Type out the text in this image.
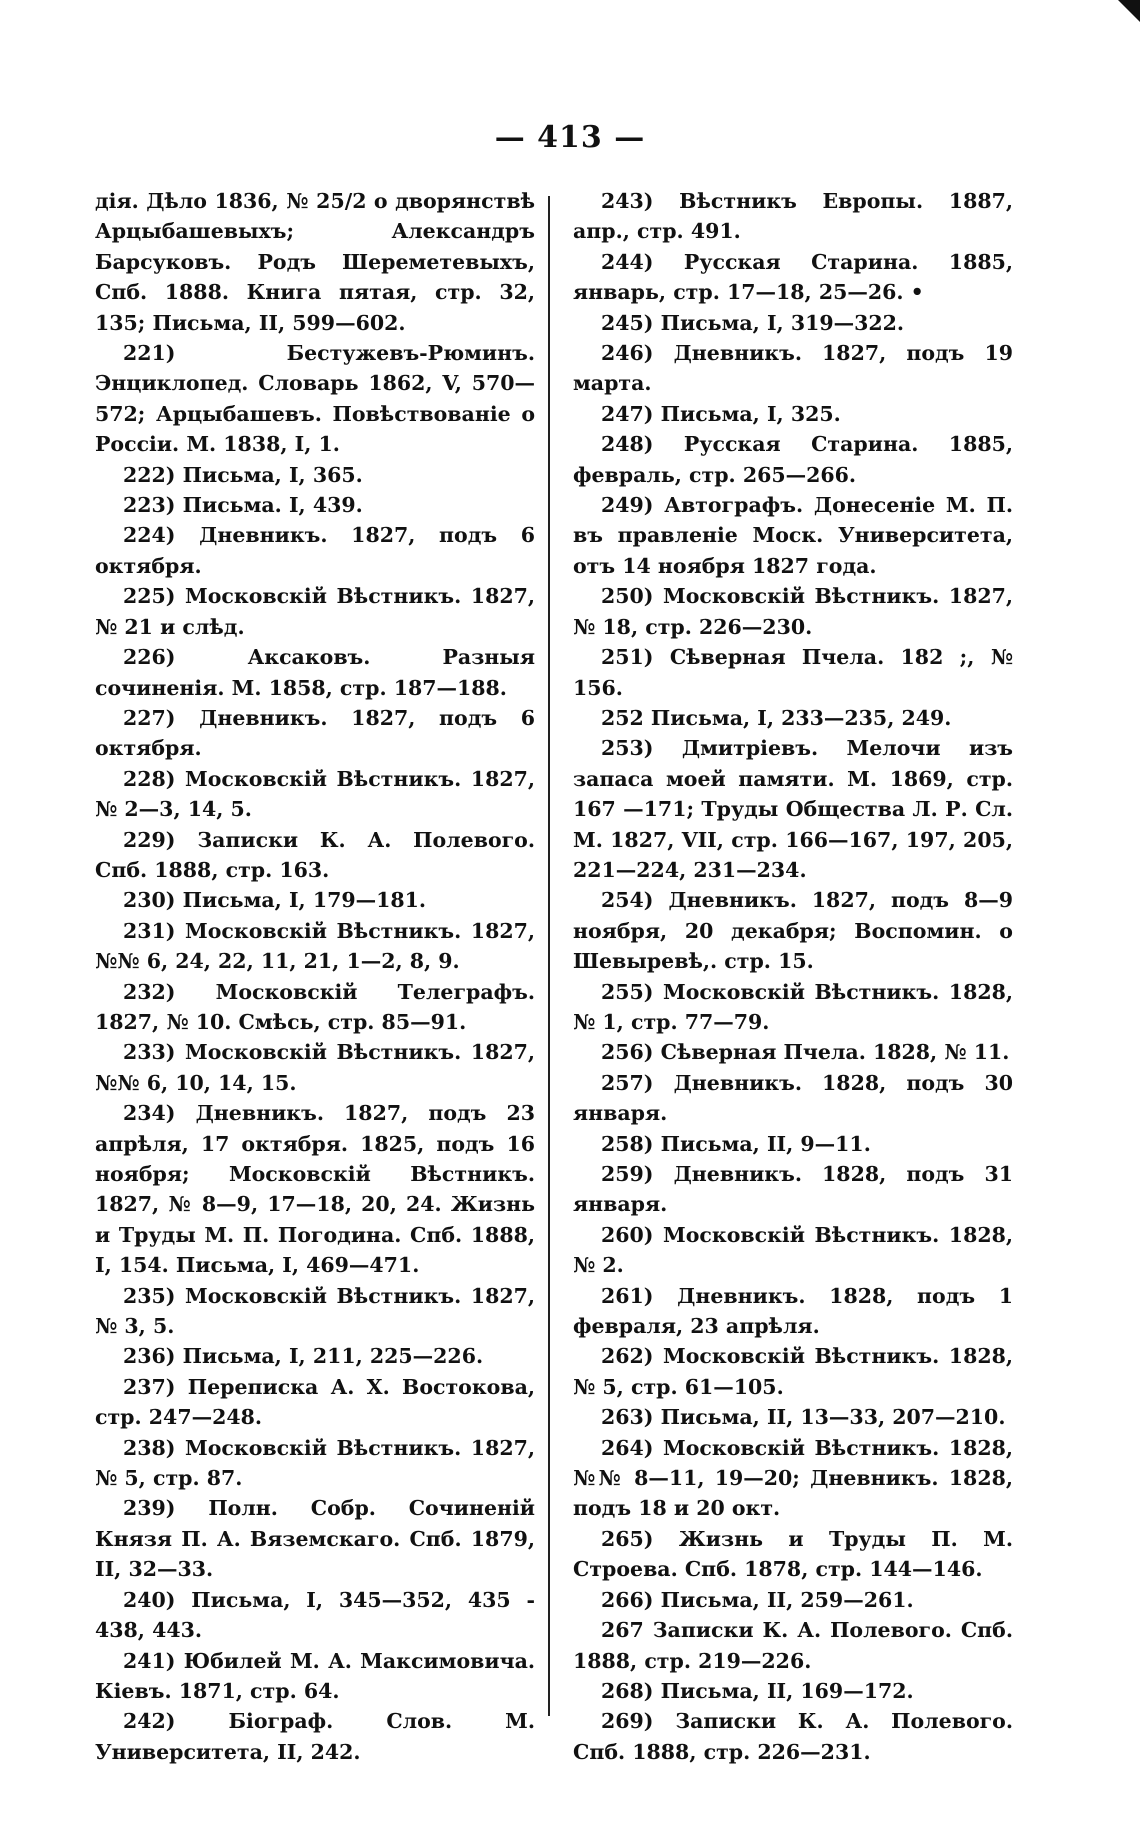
— 413 —

дія. Дѣло 1836, № 25/2 о дворянствѣ Арцыбашевыхъ; Александръ Барсуковъ. Родъ Шереметевыхъ, Спб. 1888. Книга пятая, стр. 32, 135; Письма, II, 599—602.

221) Бестужевъ-Рюминъ. Энциклопед. Словарь 1862, V, 570—572; Арцыбашевъ. Повѣствованіе о Россіи. М. 1838, I, 1.

222) Письма, I, 365.

223) Письма. I, 439.

224) Дневникъ. 1827, подъ 6 октября.

225) Московскій Вѣстникъ. 1827, № 21 и слѣд.

226) Аксаковъ. Разныя сочиненія. М. 1858, стр. 187—188.

227) Дневникъ. 1827, подъ 6 октября.

228) Московскій Вѣстникъ. 1827, № 2—3, 14, 5.

229) Записки К. А. Полевого. Спб. 1888, стр. 163.

230) Письма, I, 179—181.

231) Московскій Вѣстникъ. 1827, №№ 6, 24, 22, 11, 21, 1—2, 8, 9.

232) Московскій Телеграфъ. 1827, № 10. Смѣсь, стр. 85—91.

233) Московскій Вѣстникъ. 1827, №№ 6, 10, 14, 15.

234) Дневникъ. 1827, подъ 23 апрѣля, 17 октября. 1825, подъ 16 ноября; Московскій Вѣстникъ. 1827, № 8—9, 17—18, 20, 24. Жизнь и Труды М. П. Погодина. Спб. 1888, I, 154. Письма, I, 469—471.

235) Московскій Вѣстникъ. 1827, № 3, 5.

236) Письма, I, 211, 225—226.

237) Переписка А. Х. Востокова, стр. 247—248.

238) Московскій Вѣстникъ. 1827, № 5, стр. 87.

239) Полн. Собр. Сочиненій Князя П. А. Вяземскаго. Спб. 1879, II, 32—33.

240) Письма, I, 345—352, 435 - 438, 443.

241) Юбилей М. А. Максимовича. Кіевъ. 1871, стр. 64.

242) Біограф. Слов. М. Университета, II, 242.

243) Вѣстникъ Европы. 1887, апр., стр. 491.

244) Русская Старина. 1885, январь, стр. 17—18, 25—26. •

245) Письма, I, 319—322.

246) Дневникъ. 1827, подъ 19 марта.

247) Письма, I, 325.

248) Русская Старина. 1885, февраль, стр. 265—266.

249) Автографъ. Донесеніе М. П. въ правленіе Моск. Университета, отъ 14 ноября 1827 года.

250) Московскій Вѣстникъ. 1827, № 18, стр. 226—230.

251) Сѣверная Пчела. 182 ;, № 156.

252 Письма, I, 233—235, 249.

253) Дмитріевъ. Мелочи изъ запаса моей памяти. М. 1869, стр. 167 —171; Труды Общества Л. Р. Сл. М. 1827, VII, стр. 166—167, 197, 205, 221—224, 231—234.

254) Дневникъ. 1827, подъ 8—9 ноября, 20 декабря; Воспомин. о Шевыревѣ,. стр. 15.

255) Московскій Вѣстникъ. 1828, № 1, стр. 77—79.

256) Сѣверная Пчела. 1828, № 11.

257) Дневникъ. 1828, подъ 30 января.

258) Письма, II, 9—11.

259) Дневникъ. 1828, подъ 31 января.

260) Московскій Вѣстникъ. 1828, № 2.

261) Дневникъ. 1828, подъ 1 февраля, 23 апрѣля.

262) Московскій Вѣстникъ. 1828, № 5, стр. 61—105.

263) Письма, II, 13—33, 207—210.

264) Московскій Вѣстникъ. 1828, №№ 8—11, 19—20; Дневникъ. 1828, подъ 18 и 20 окт.

265) Жизнь и Труды П. М. Строева. Спб. 1878, стр. 144—146.

266) Письма, II, 259—261.

267 Записки К. А. Полевого. Спб. 1888, стр. 219—226.

268) Письма, II, 169—172.

269) Записки К. А. Полевого. Спб. 1888, стр. 226—231.
